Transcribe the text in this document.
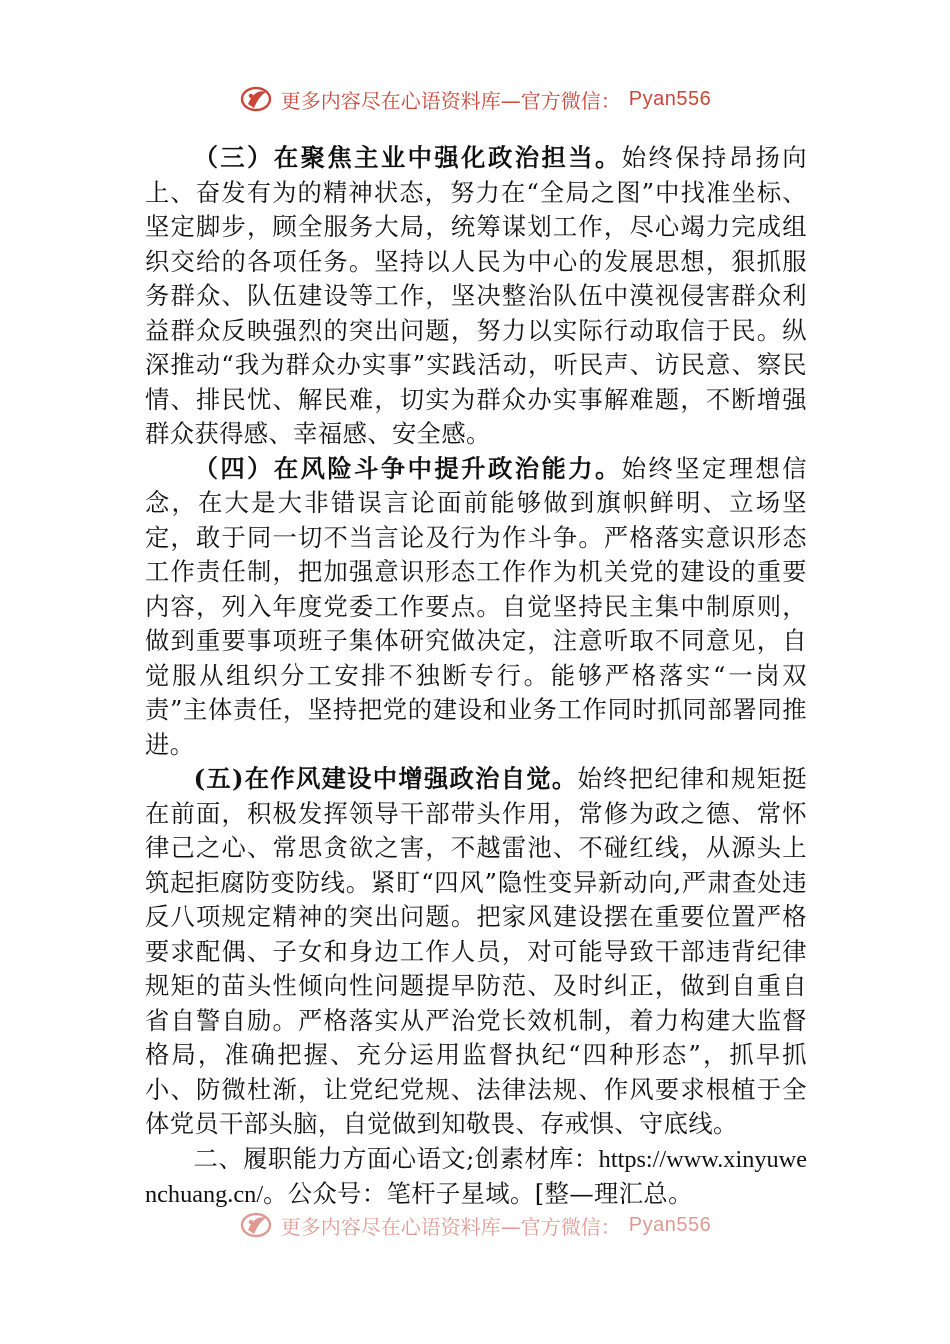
更多内容尽在心语资料库—官方微信： Pyan556

（三）在聚焦主业中强化政治担当。始终保持昂扬向上、奋发有为的精神状态，努力在“全局之图”中找准坐标、坚定脚步，顾全服务大局，统筹谋划工作，尽心竭力完成组织交给的各项任务。坚持以人民为中心的发展思想，狠抓服务群众、队伍建设等工作，坚决整治队伍中漠视侵害群众利益群众反映强烈的突出问题，努力以实际行动取信于民。纵深推动“我为群众办实事”实践活动，听民声、访民意、察民情、排民忧、解民难，切实为群众办实事解难题，不断增强群众获得感、幸福感、安全感。

（四）在风险斗争中提升政治能力。始终坚定理想信念，在大是大非错误言论面前能够做到旗帜鲜明、立场坚定，敢于同一切不当言论及行为作斗争。严格落实意识形态工作责任制，把加强意识形态工作作为机关党的建设的重要内容，列入年度党委工作要点。自觉坚持民主集中制原则，做到重要事项班子集体研究做决定，注意听取不同意见，自觉服从组织分工安排不独断专行。能够严格落实“一岗双责”主体责任，坚持把党的建设和业务工作同时抓同部署同推进。

(五)在作风建设中增强政治自觉。始终把纪律和规矩挺在前面，积极发挥领导干部带头作用，常修为政之德、常怀律己之心、常思贪欲之害，不越雷池、不碰红线，从源头上筑起拒腐防变防线。紧盯“四风”隐性变异新动向,严肃查处违反八项规定精神的突出问题。把家风建设摆在重要位置严格要求配偶、子女和身边工作人员，对可能导致干部违背纪律规矩的苗头性倾向性问题提早防范、及时纠正，做到自重自省自警自励。严格落实从严治党长效机制，着力构建大监督格局，准确把握、充分运用监督执纪“四种形态”，抓早抓小、防微杜渐，让党纪党规、法律法规、作风要求根植于全体党员干部头脑，自觉做到知敬畏、存戒惧、守底线。

二、履职能力方面心语文;创素材库：https://www.xinyuwenchuang.cn/。公众号：笔杆子星域。[整—理汇总。

更多内容尽在心语资料库—官方微信： Pyan556
